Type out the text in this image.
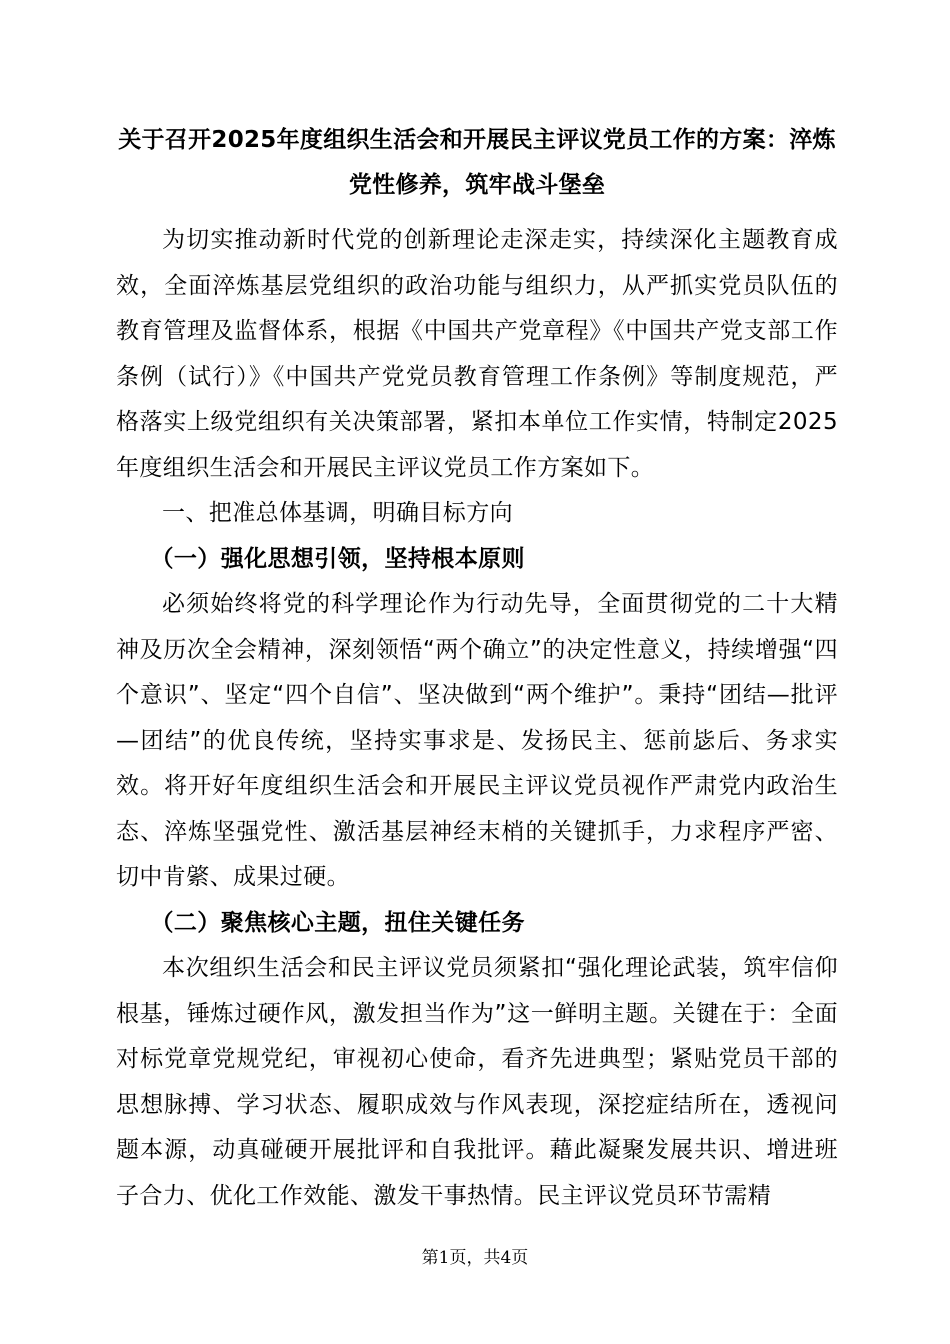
关于召开2025年度组织生活会和开展民主评议党员工作的方案：淬炼党性修养，筑牢战斗堡垒

为切实推动新时代党的创新理论走深走实，持续深化主题教育成效，全面淬炼基层党组织的政治功能与组织力，从严抓实党员队伍的教育管理及监督体系，根据《中国共产党章程》《中国共产党支部工作条例（试行）》《中国共产党党员教育管理工作条例》等制度规范，严格落实上级党组织有关决策部署，紧扣本单位工作实情，特制定2025年度组织生活会和开展民主评议党员工作方案如下。

一、把准总体基调，明确目标方向

（一）强化思想引领，坚持根本原则

必须始终将党的科学理论作为行动先导，全面贯彻党的二十大精神及历次全会精神，深刻领悟“两个确立”的决定性意义，持续增强“四个意识”、坚定“四个自信”、坚决做到“两个维护”。秉持“团结—批评—团结”的优良传统，坚持实事求是、发扬民主、惩前毖后、务求实效。将开好年度组织生活会和开展民主评议党员视作严肃党内政治生态、淬炼坚强党性、激活基层神经末梢的关键抓手，力求程序严密、切中肯綮、成果过硬。

（二）聚焦核心主题，扭住关键任务

本次组织生活会和民主评议党员须紧扣“强化理论武装，筑牢信仰根基，锤炼过硬作风，激发担当作为”这一鲜明主题。关键在于：全面对标党章党规党纪，审视初心使命，看齐先进典型；紧贴党员干部的思想脉搏、学习状态、履职成效与作风表现，深挖症结所在，透视问题本源，动真碰硬开展批评和自我批评。藉此凝聚发展共识、增进班子合力、优化工作效能、激发干事热情。民主评议党员环节需精

第1页，共4页
